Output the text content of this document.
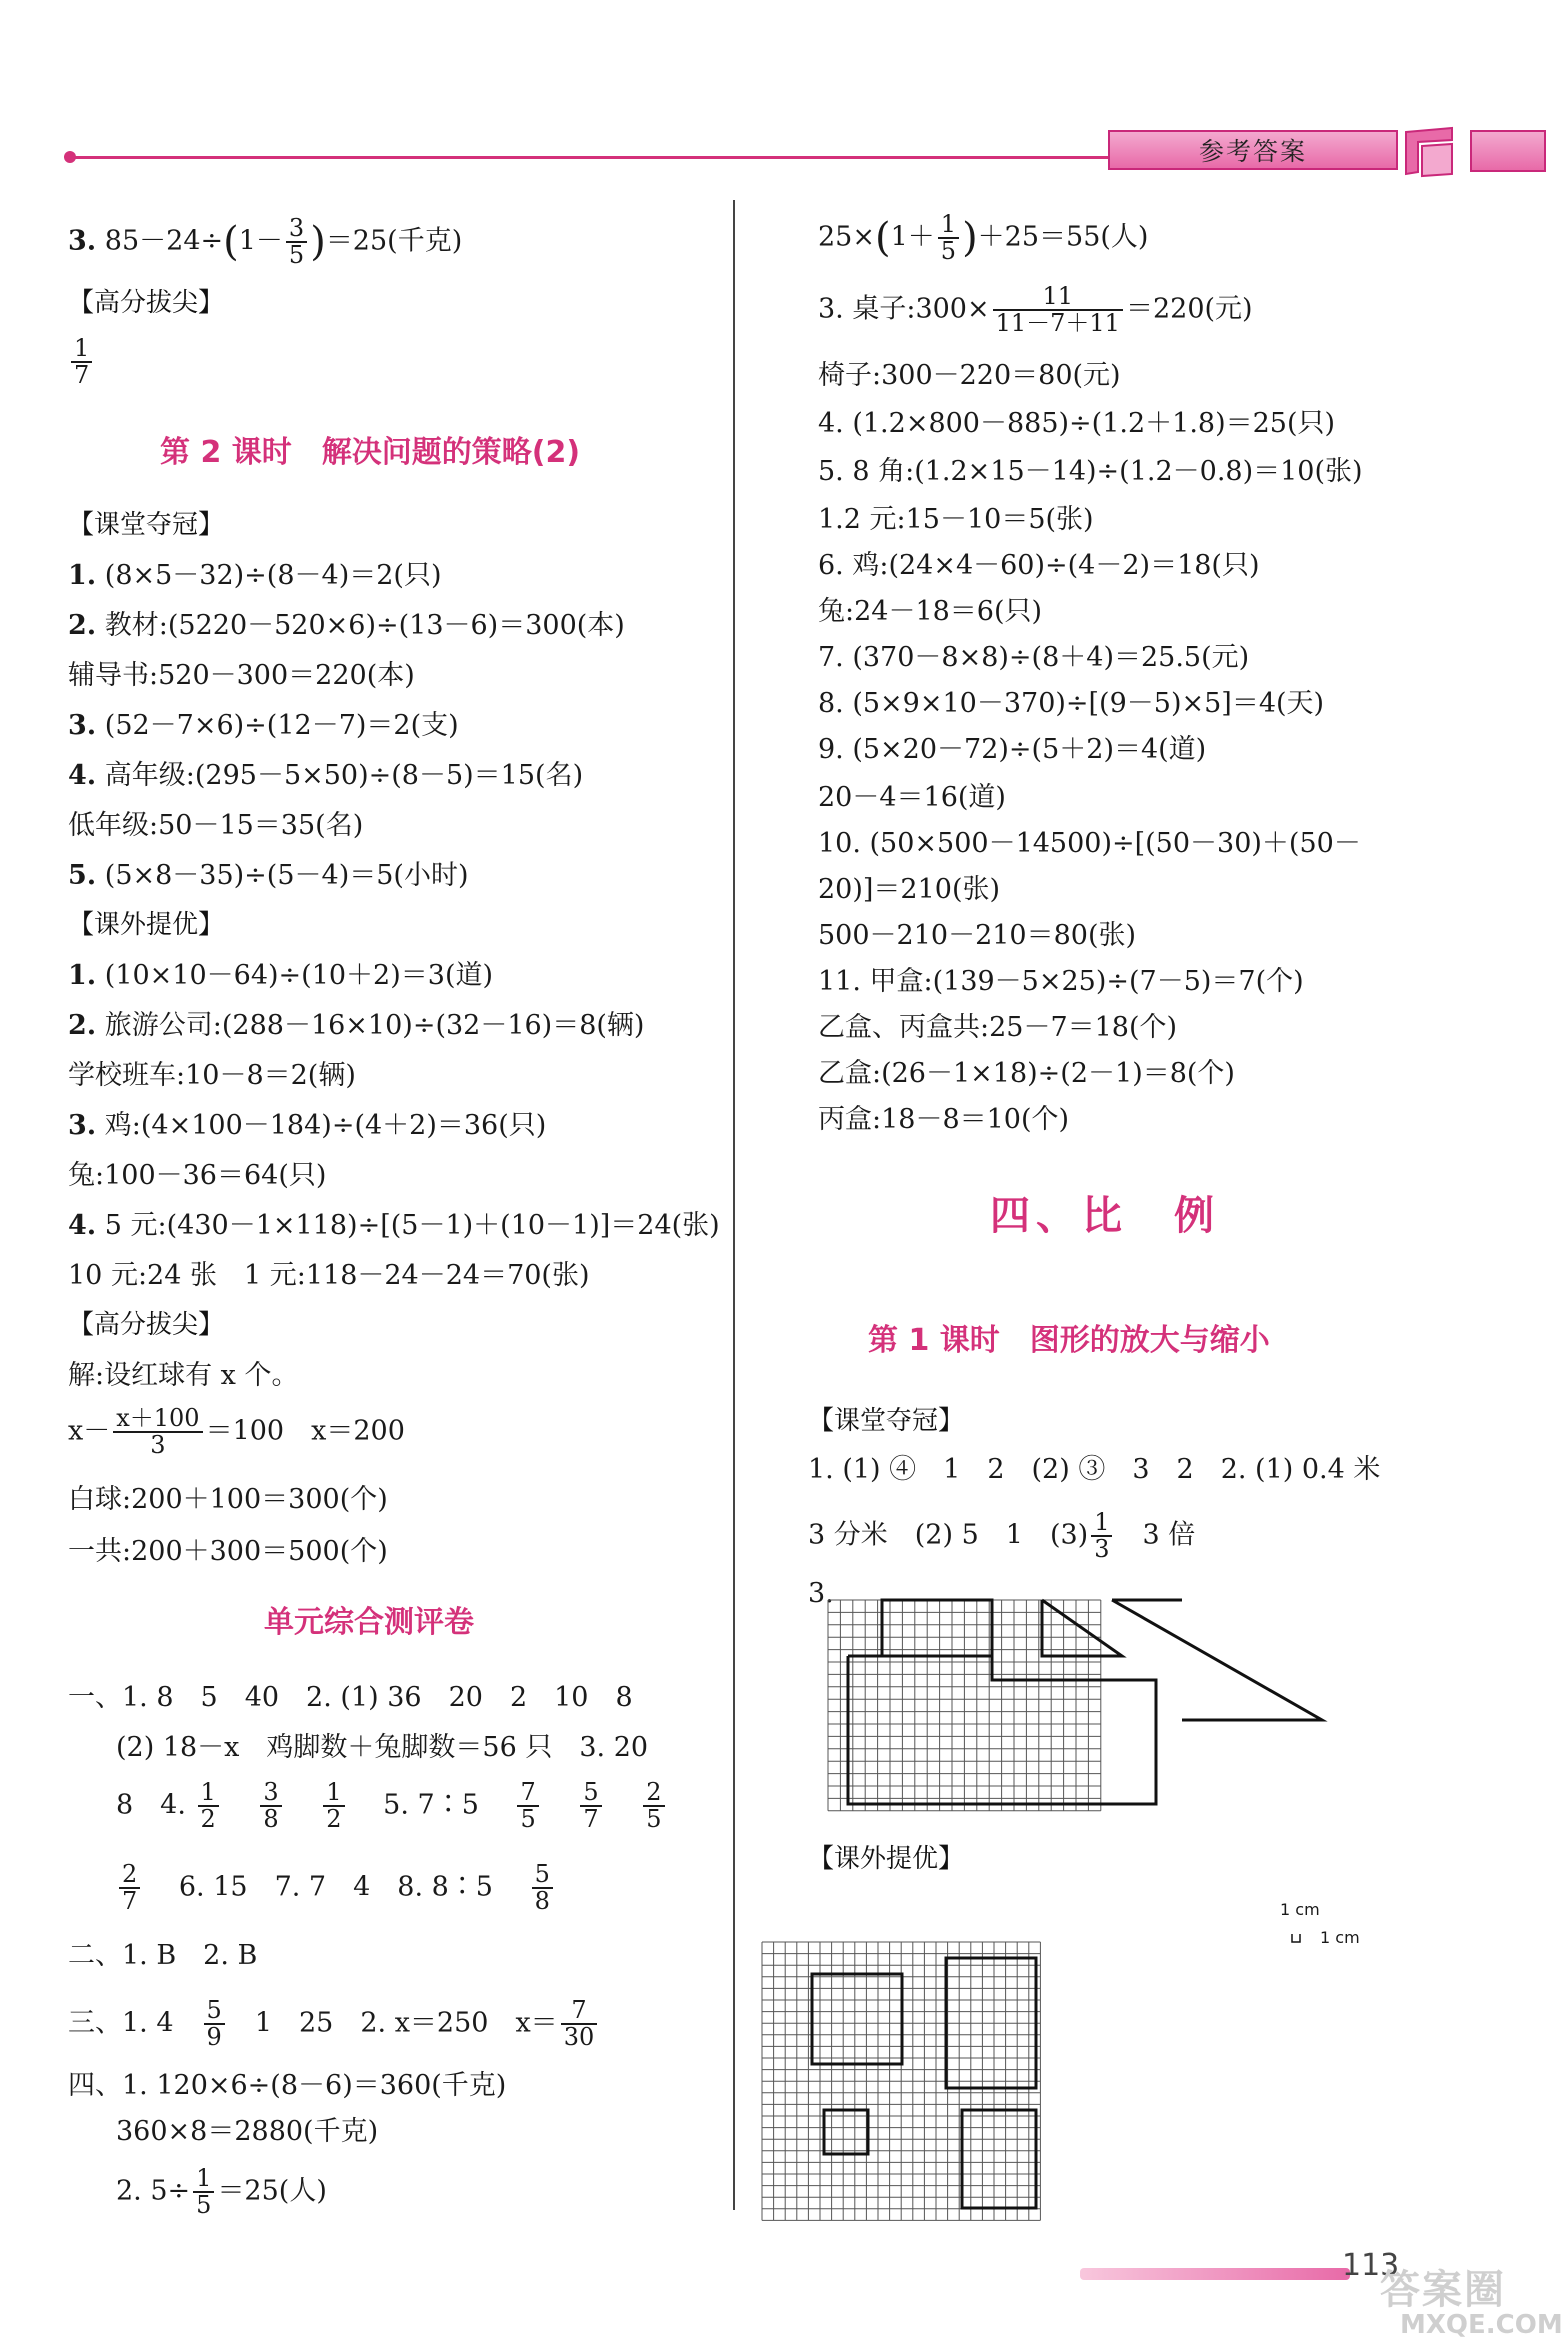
参考答案
3. $85-24\div(1- \frac{3}{5} )=25$(千克)
【高分拔尖】
$\frac{1}{7}$
第 2 课时　解决问题的策略(2)
【课堂夺冠】
1. (8×5－32)÷(8－4)＝2(只)
2. 教材:(5220－520×6)÷(13－6)＝300(本)
辅导书:520－300＝220(本)
3. (52－7×6)÷(12－7)＝2(支)
4. 高年级:(295－5×50)÷(8－5)＝15(名)
低年级:50－15＝35(名)
5. (5×8－35)÷(5－4)＝5(小时)
【课外提优】
1. (10×10－64)÷(10＋2)＝3(道)
2. 旅游公司:(288－16×10)÷(32－16)＝8(辆)
学校班车:10－8＝2(辆)
3. 鸡:(4×100－184)÷(4＋2)＝36(只)
兔:100－36＝64(只)
4. 5 元:(430－1×118)÷[(5－1)＋(10－1)]＝24(张)
10 元:24 张　1 元:118－24－24＝70(张)
【高分拔尖】
解:设红球有 x 个。
$x- \frac{x+100}{3} =100$　x＝200
白球:200＋100＝300(个)
一共:200＋300＝500(个)
单元综合测评卷
一、1. 8　5　40　2. (1) 36　20　2　10　8
(2) 18－x　鸡脚数＋兔脚数＝56 只　3. 20
8　4. $\frac{1}{2}$
　 $\frac{3}{8}$
　 $\frac{1}{2}$
　 5. 7∶5　 $\frac{7}{5}$
　 $\frac{5}{7}$
　 $\frac{2}{5}$
$\frac{2}{7}$
　 6. 15　7. 7　4　8. 8∶5　 $\frac{5}{8}$
二、1. B　2. B
三、1. 4　 $\frac{5}{9}$
　 1　25　2. x＝250　$x= \frac{7}{30}$
四、1. 120×6÷(8－6)＝360(千克)
360×8＝2880(千克)
2. $5\div \frac{1}{5} =25$(人)
$25\times(1+ \frac{1}{5} )+25=55$(人)
3. 桌子:300× $\frac{11}{11-7+11} =220$(元)
椅子:300－220＝80(元)
4. (1.2×800－885)÷(1.2＋1.8)＝25(只)
5. 8 角:(1.2×15－14)÷(1.2－0.8)＝10(张)
1.2 元:15－10＝5(张)
6. 鸡:(24×4－60)÷(4－2)＝18(只)
兔:24－18＝6(只)
7. (370－8×8)÷(8＋4)＝25.5(元)
8. (5×9×10－370)÷[(9－5)×5]＝4(天)
9. (5×20－72)÷(5＋2)＝4(道)
20－4＝16(道)
10. (50×500－14500)÷[(50－30)＋(50－
20)]＝210(张)
500－210－210＝80(张)
11. 甲盒:(139－5×25)÷(7－5)＝7(个)
乙盒、丙盒共:25－7＝18(个)
乙盒:(26－1×18)÷(2－1)＝8(个)
丙盒:18－8＝10(个)
四、比　例
第 1 课时　图形的放大与缩小
【课堂夺冠】
1. (1) ④　1　2　(2) ③　3　2　2. (1) 0.4 米
3 分米　(2) 5　1　$(3) \frac{1}{3}$
　 3 倍
3.
【课外提优】
1 cm
1 cm
113
答案圈
MXQE.COM
